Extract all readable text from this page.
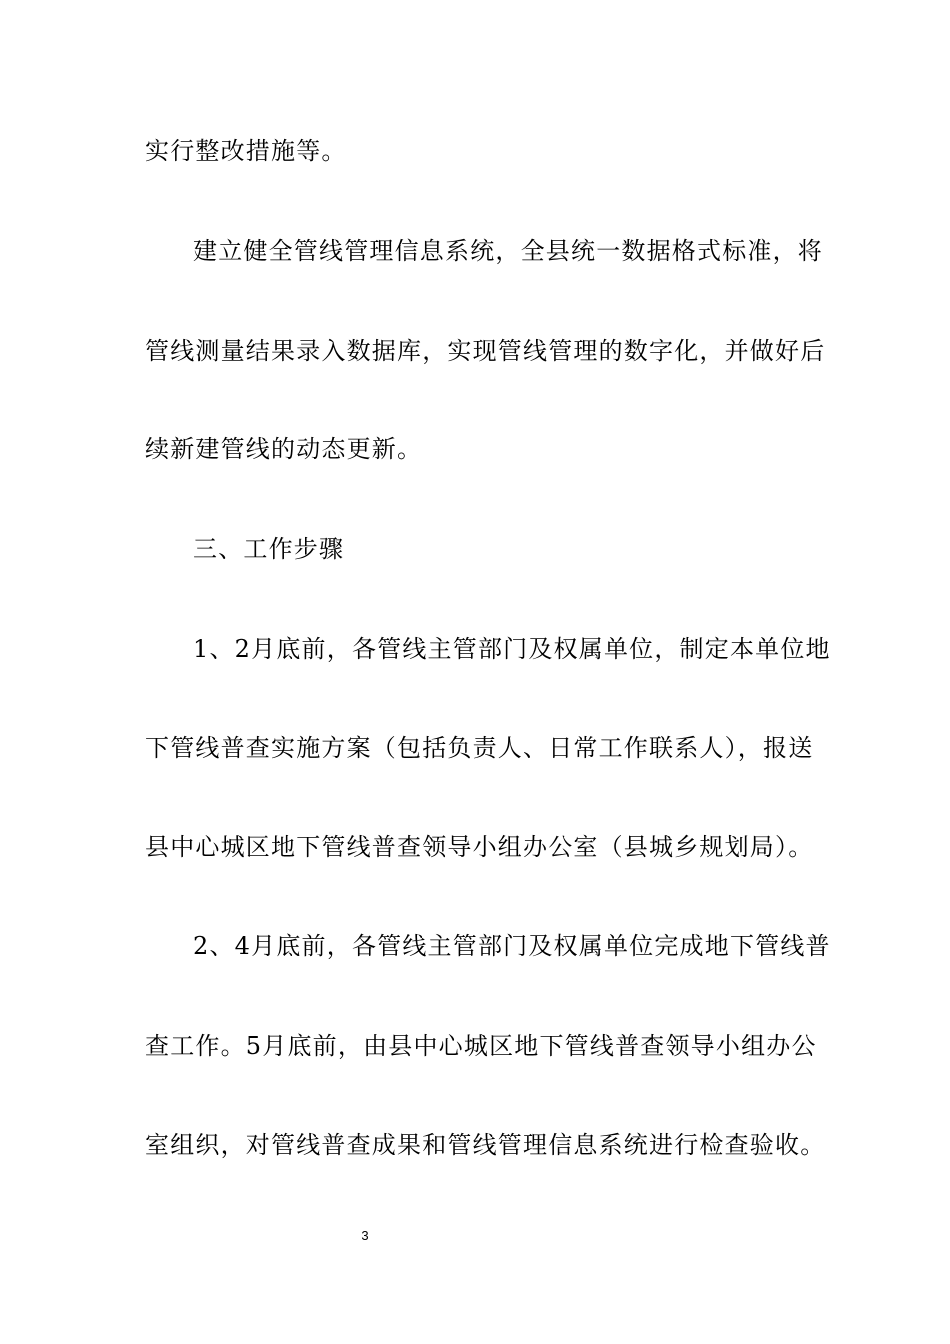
实行整改措施等。
建立健全管线管理信息系统，全县统一数据格式标准，将
管线测量结果录入数据库，实现管线管理的数字化，并做好后
续新建管线的动态更新。
三、工作步骤
1、2月底前，各管线主管部门及权属单位，制定本单位地
下管线普查实施方案（包括负责人、日常工作联系人），报送
县中心城区地下管线普查领导小组办公室（县城乡规划局）。
2、4月底前，各管线主管部门及权属单位完成地下管线普
查工作。5月底前，由县中心城区地下管线普查领导小组办公
室组织，对管线普查成果和管线管理信息系统进行检查验收。
3
